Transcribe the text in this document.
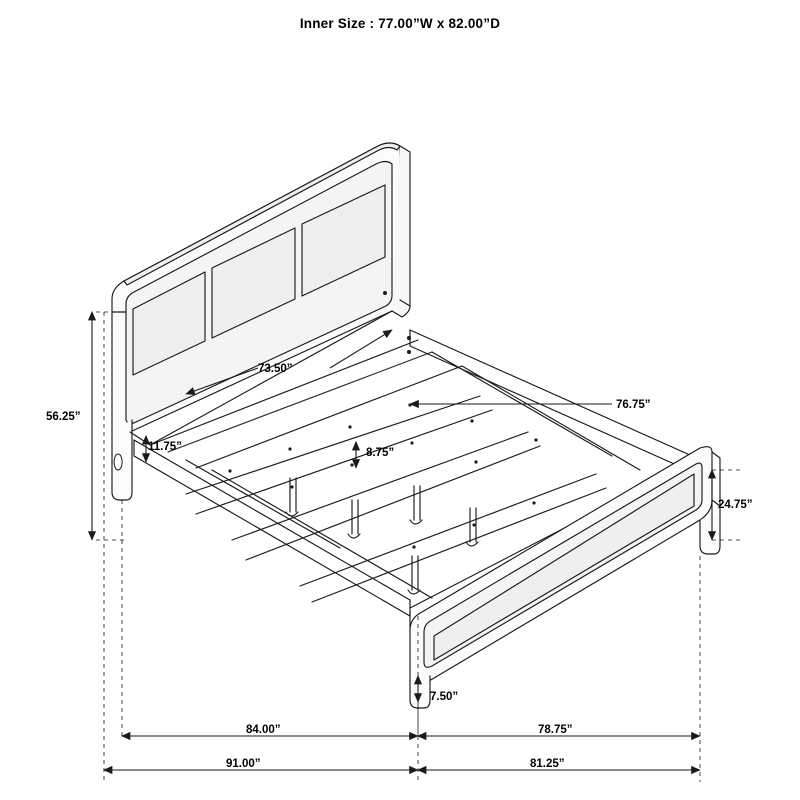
Inner Size : 77.00”W x 82.00”D
56.25”
73.50”
11.75”	8.75”
76.75”
24.75”
7.50”
84.00”	78.75”
91.00”	81.25”
